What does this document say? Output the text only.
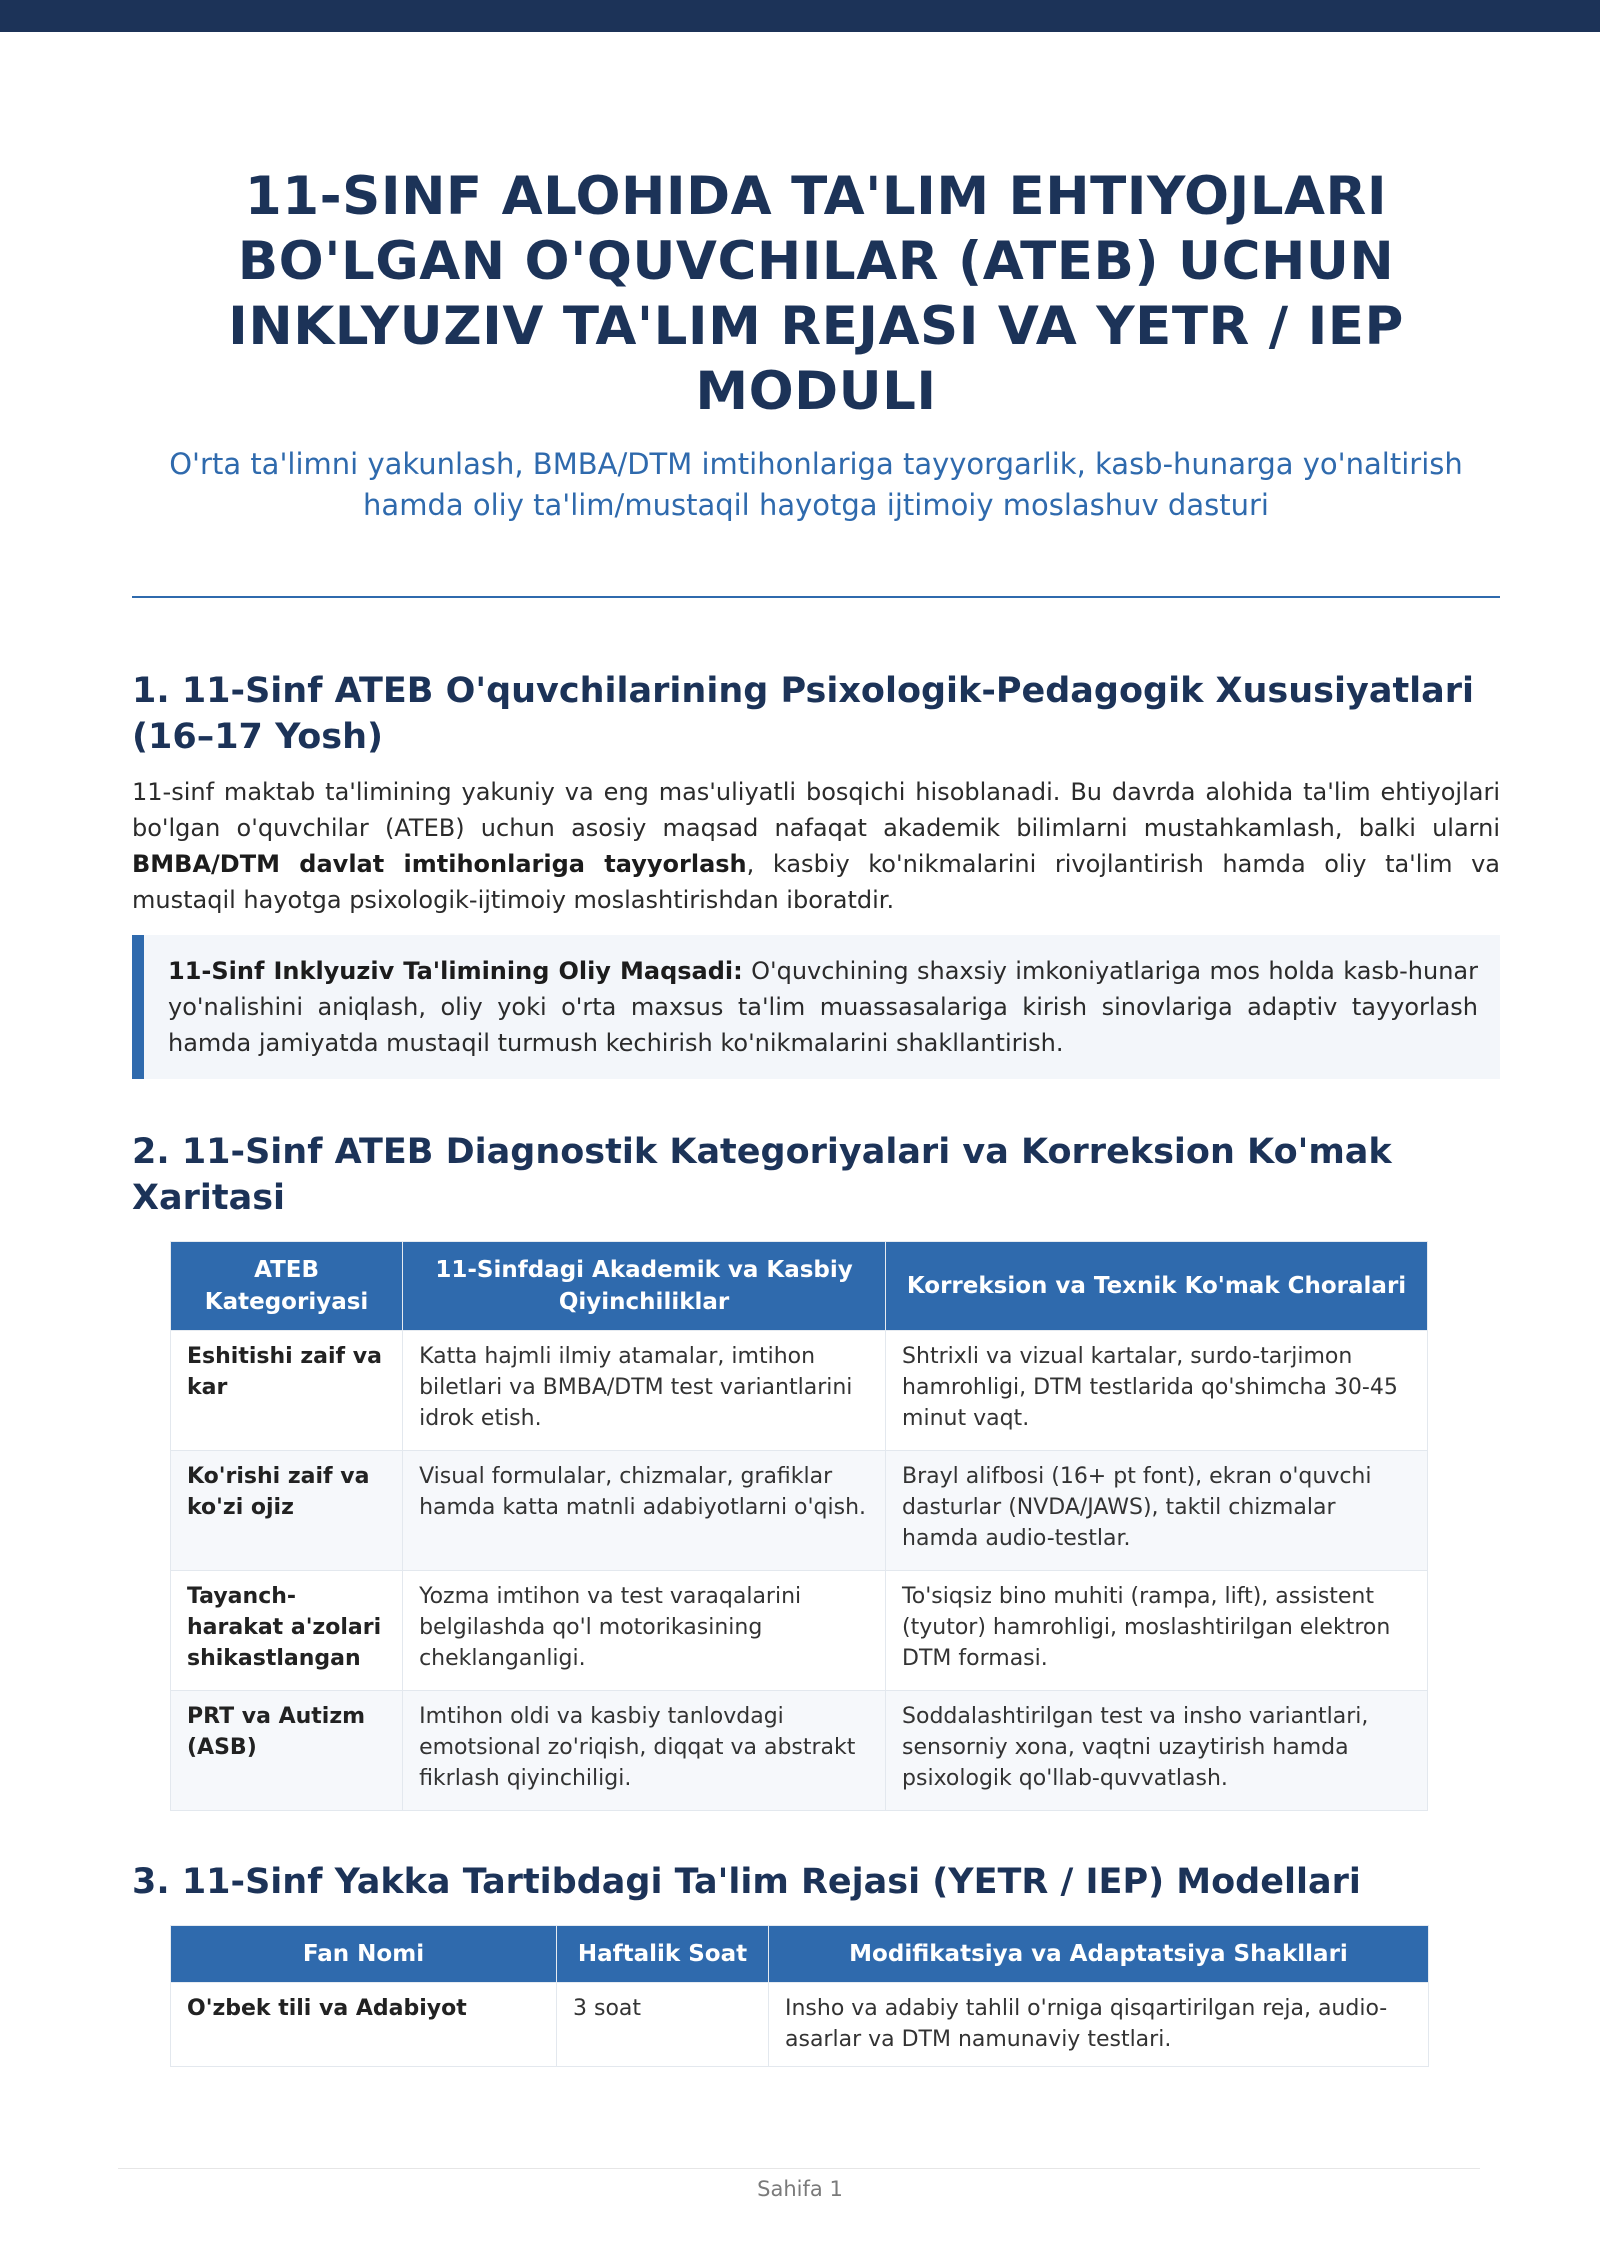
11-SINF ALOHIDA TA'LIM EHTIYOJLARI BO'LGAN O'QUVCHILAR (ATEB) UCHUN INKLYUZIV TA'LIM REJASI VA YETR / IEP MODULI
O'rta ta'limni yakunlash, BMBA/DTM imtihonlariga tayyorgarlik, kasb-hunarga yo'naltirish hamda oliy ta'lim/mustaqil hayotga ijtimoiy moslashuv dasturi
1. 11-Sinf ATEB O'quvchilarining Psixologik-Pedagogik Xususiyatlari (16–17 Yosh)

11-sinf maktab ta'limining yakuniy va eng mas'uliyatli bosqichi hisoblanadi. Bu davrda alohida ta'lim ehtiyojlari bo'lgan o'quvchilar (ATEB) uchun asosiy maqsad nafaqat akademik bilimlarni mustahkamlash, balki ularni BMBA/DTM davlat imtihonlariga tayyorlash, kasbiy ko'nikmalarini rivojlantirish hamda oliy ta'lim va mustaqil hayotga psixologik-ijtimoiy moslashtirishdan iboratdir.

11-Sinf Inklyuziv Ta'limining Oliy Maqsadi: O'quvchining shaxsiy imkoniyatlariga mos holda kasb-hunar yo'nalishini aniqlash, oliy yoki o'rta maxsus ta'lim muassasalariga kirish sinovlariga adaptiv tayyorlash hamda jamiyatda mustaqil turmush kechirish ko'nikmalarini shakllantirish.
2. 11-Sinf ATEB Diagnostik Kategoriyalari va Korreksion Ko'mak Xaritasi
ATEB Kategoriyasi	11-Sinfdagi Akademik va Kasbiy Qiyinchiliklar	Korreksion va Texnik Ko'mak Choralari
Eshitishi zaif va kar	Katta hajmli ilmiy atamalar, imtihon biletlari va BMBA/DTM test variantlarini idrok etish.	Shtrixli va vizual kartalar, surdo-tarjimon hamrohligi, DTM testlarida qo'shimcha 30-45 minut vaqt.
Ko'rishi zaif va ko'zi ojiz	Visual formulalar, chizmalar, grafiklar hamda katta matnli adabiyotlarni o'qish.	Brayl alifbosi (16+ pt font), ekran o'quvchi dasturlar (NVDA/JAWS), taktil chizmalar hamda audio-testlar.
Tayanch-harakat a'zolari shikastlangan	Yozma imtihon va test varaqalarini belgilashda qo'l motorikasining cheklanganligi.	To'siqsiz bino muhiti (rampa, lift), assistent (tyutor) hamrohligi, moslashtirilgan elektron DTM formasi.
PRT va Autizm (ASB)	Imtihon oldi va kasbiy tanlovdagi emotsional zo'riqish, diqqat va abstrakt fikrlash qiyinchiligi.	Soddalashtirilgan test va insho variantlari, sensorniy xona, vaqtni uzaytirish hamda psixologik qo'llab-quvvatlash.
3. 11-Sinf Yakka Tartibdagi Ta'lim Rejasi (YETR / IEP) Modellari
Fan Nomi	Haftalik Soat	Modifikatsiya va Adaptatsiya Shakllari
O'zbek tili va Adabiyot	3 soat	Insho va adabiy tahlil o'rniga qisqartirilgan reja, audio-asarlar va DTM namunaviy testlari.
Sahifa 1
